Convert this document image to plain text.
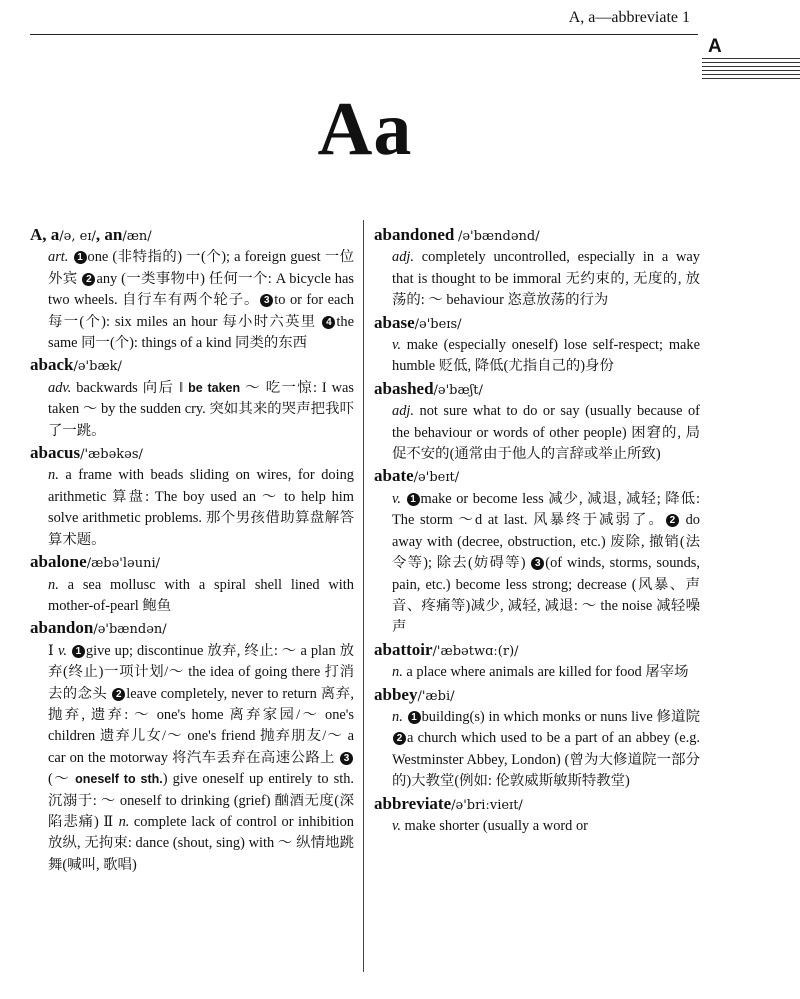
A, a—abbreviate 1
A
Aa
A, a/ə, eɪ/, an/æn/

art. 1 one (非特指的) 一(个); a foreign guest 一位外宾 2 any (一类事物中) 任何一个: A bicycle has two wheels. 自行车有两个轮子。 3 to or for each 每一(个): six miles an hour 每小时六英里 4 the same 同一(个): things of a kind 同类的东西

aback/ə'bæk/

adv. backwards 向后 ‖ be taken ～ 吃一惊: I was taken ～ by the sudden cry. 突如其来的哭声把我吓了一跳。

abacus/'æbəkəs/

n. a frame with beads sliding on wires, for doing arithmetic 算盘: The boy used an ～ to help him solve arithmetic problems. 那个男孩借助算盘解答算术题。

abalone/æbə'ləuni/

n. a sea mollusc with a spiral shell lined with mother-of-pearl 鲍鱼

abandon/ə'bændən/

Ⅰ v. 1 give up; discontinue 放弃, 终止: ～ a plan 放弃(终止)一项计划/～ the idea of going there 打消去的念头 2 leave completely, never to return 离弃, 抛弃, 遗弃: ～ one's home 离弃家园/～ one's children 遗弃儿女/～ one's friend 抛弃朋友/～ a car on the motorway 将汽车丢弃在高速公路上 3(～ oneself to sth.) give oneself up entirely to sth. 沉溺于: ～ oneself to drinking (grief) 酗酒无度(深陷悲痛) Ⅱ n. complete lack of control or inhibition 放纵, 无拘束: dance (shout, sing) with ～ 纵情地跳舞(喊叫, 歌唱)

abandoned /ə'bændənd/

adj. completely uncontrolled, especially in a way that is thought to be immoral 无约束的, 无度的, 放荡的: ～ behaviour 恣意放荡的行为

abase/ə'beɪs/

v. make (especially oneself) lose self-respect; make humble 贬低, 降低(尤指自己的)身份

abashed/ə'bæʃt/

adj. not sure what to do or say (usually because of the behaviour or words of other people) 困窘的, 局促不安的(通常由于他人的言辞或举止所致)

abate/ə'beɪt/

v. 1 make or become less 减少, 减退, 减轻; 降低: The storm ～d at last. 风暴终于减弱了。 2 do away with (decree, obstruction, etc.) 废除, 撤销(法令等); 除去(妨碍等) 3 (of winds, storms, sounds, pain, etc.) become less strong; decrease (风暴、声音、疼痛等)减少, 减轻, 减退: ～ the noise 减轻噪声

abattoir/'æbətwɑː(r)/

n. a place where animals are killed for food 屠宰场

abbey/'æbi/

n. 1 building(s) in which monks or nuns live 修道院 2 a church which used to be a part of an abbey (e.g. Westminster Abbey, London) (曾为大修道院一部分的)大教堂(例如: 伦敦威斯敏斯特教堂)

abbreviate/ə'briːvieɪt/

v. make shorter (usually a word or
